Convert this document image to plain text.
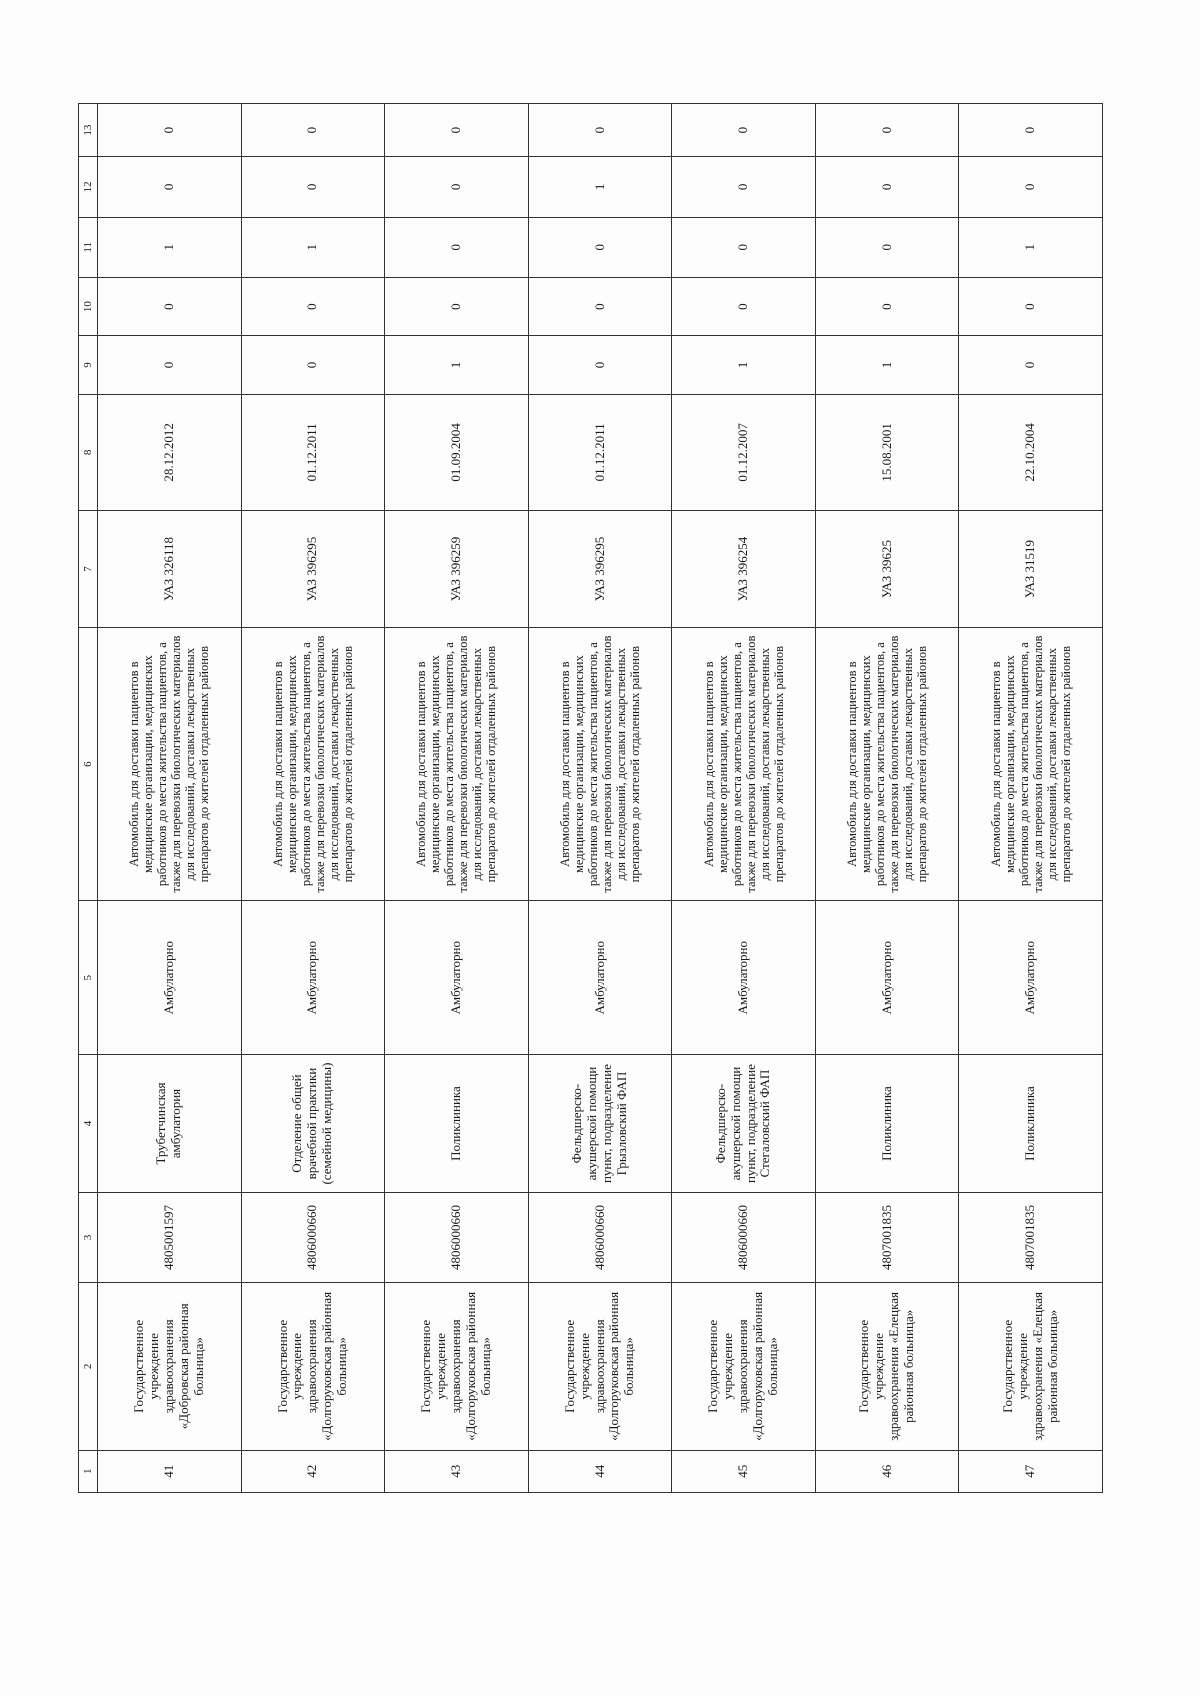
1	2	3	4	5	6	7	8	9	10	11	12	13
41	Государственное учреждение здравоохранения «Добровская районная больница»	4805001597	Трубетчинская амбулатория	Амбулаторно	Автомобиль для доставки пациентов в медицинские организации, медицинских работников до места жительства пациентов, а также для перевозки биологических материалов для исследований, доставки лекарственных препаратов до жителей отдаленных районов	УАЗ 326118	28.12.2012	0	0	1	0	0
42	Государственное учреждение здравоохранения «Долгоруковская районная больница»	4806000660	Отделение общей врачебной практики (семейной медицины)	Амбулаторно	Автомобиль для доставки пациентов в медицинские организации, медицинских работников до места жительства пациентов, а также для перевозки биологических материалов для исследований, доставки лекарственных препаратов до жителей отдаленных районов	УАЗ 396295	01.12.2011	0	0	1	0	0
43	Государственное учреждение здравоохранения «Долгоруковская районная больница»	4806000660	Поликлиника	Амбулаторно	Автомобиль для доставки пациентов в медицинские организации, медицинских работников до места жительства пациентов, а также для перевозки биологических материалов для исследований, доставки лекарственных препаратов до жителей отдаленных районов	УАЗ 396259	01.09.2004	1	0	0	0	0
44	Государственное учреждение здравоохранения «Долгоруковская районная больница»	4806000660	Фельдшерско-акушерской помощи пункт, подразделение Грызловский ФАП	Амбулаторно	Автомобиль для доставки пациентов в медицинские организации, медицинских работников до места жительства пациентов, а также для перевозки биологических материалов для исследований, доставки лекарственных препаратов до жителей отдаленных районов	УАЗ 396295	01.12.2011	0	0	0	1	0
45	Государственное учреждение здравоохранения «Долгоруковская районная больница»	4806000660	Фельдшерско-акушерской помощи пункт, подразделение Стегаловский ФАП	Амбулаторно	Автомобиль для доставки пациентов в медицинские организации, медицинских работников до места жительства пациентов, а также для перевозки биологических материалов для исследований, доставки лекарственных препаратов до жителей отдаленных районов	УАЗ 396254	01.12.2007	1	0	0	0	0
46	Государственное учреждение здравоохранения «Елецкая районная больница»	4807001835	Поликлиника	Амбулаторно	Автомобиль для доставки пациентов в медицинские организации, медицинских работников до места жительства пациентов, а также для перевозки биологических материалов для исследований, доставки лекарственных препаратов до жителей отдаленных районов	УАЗ 39625	15.08.2001	1	0	0	0	0
47	Государственное учреждение здравоохранения «Елецкая районная больница»	4807001835	Поликлиника	Амбулаторно	Автомобиль для доставки пациентов в медицинские организации, медицинских работников до места жительства пациентов, а также для перевозки биологических материалов для исследований, доставки лекарственных препаратов до жителей отдаленных районов	УАЗ 31519	22.10.2004	0	0	1	0	0
